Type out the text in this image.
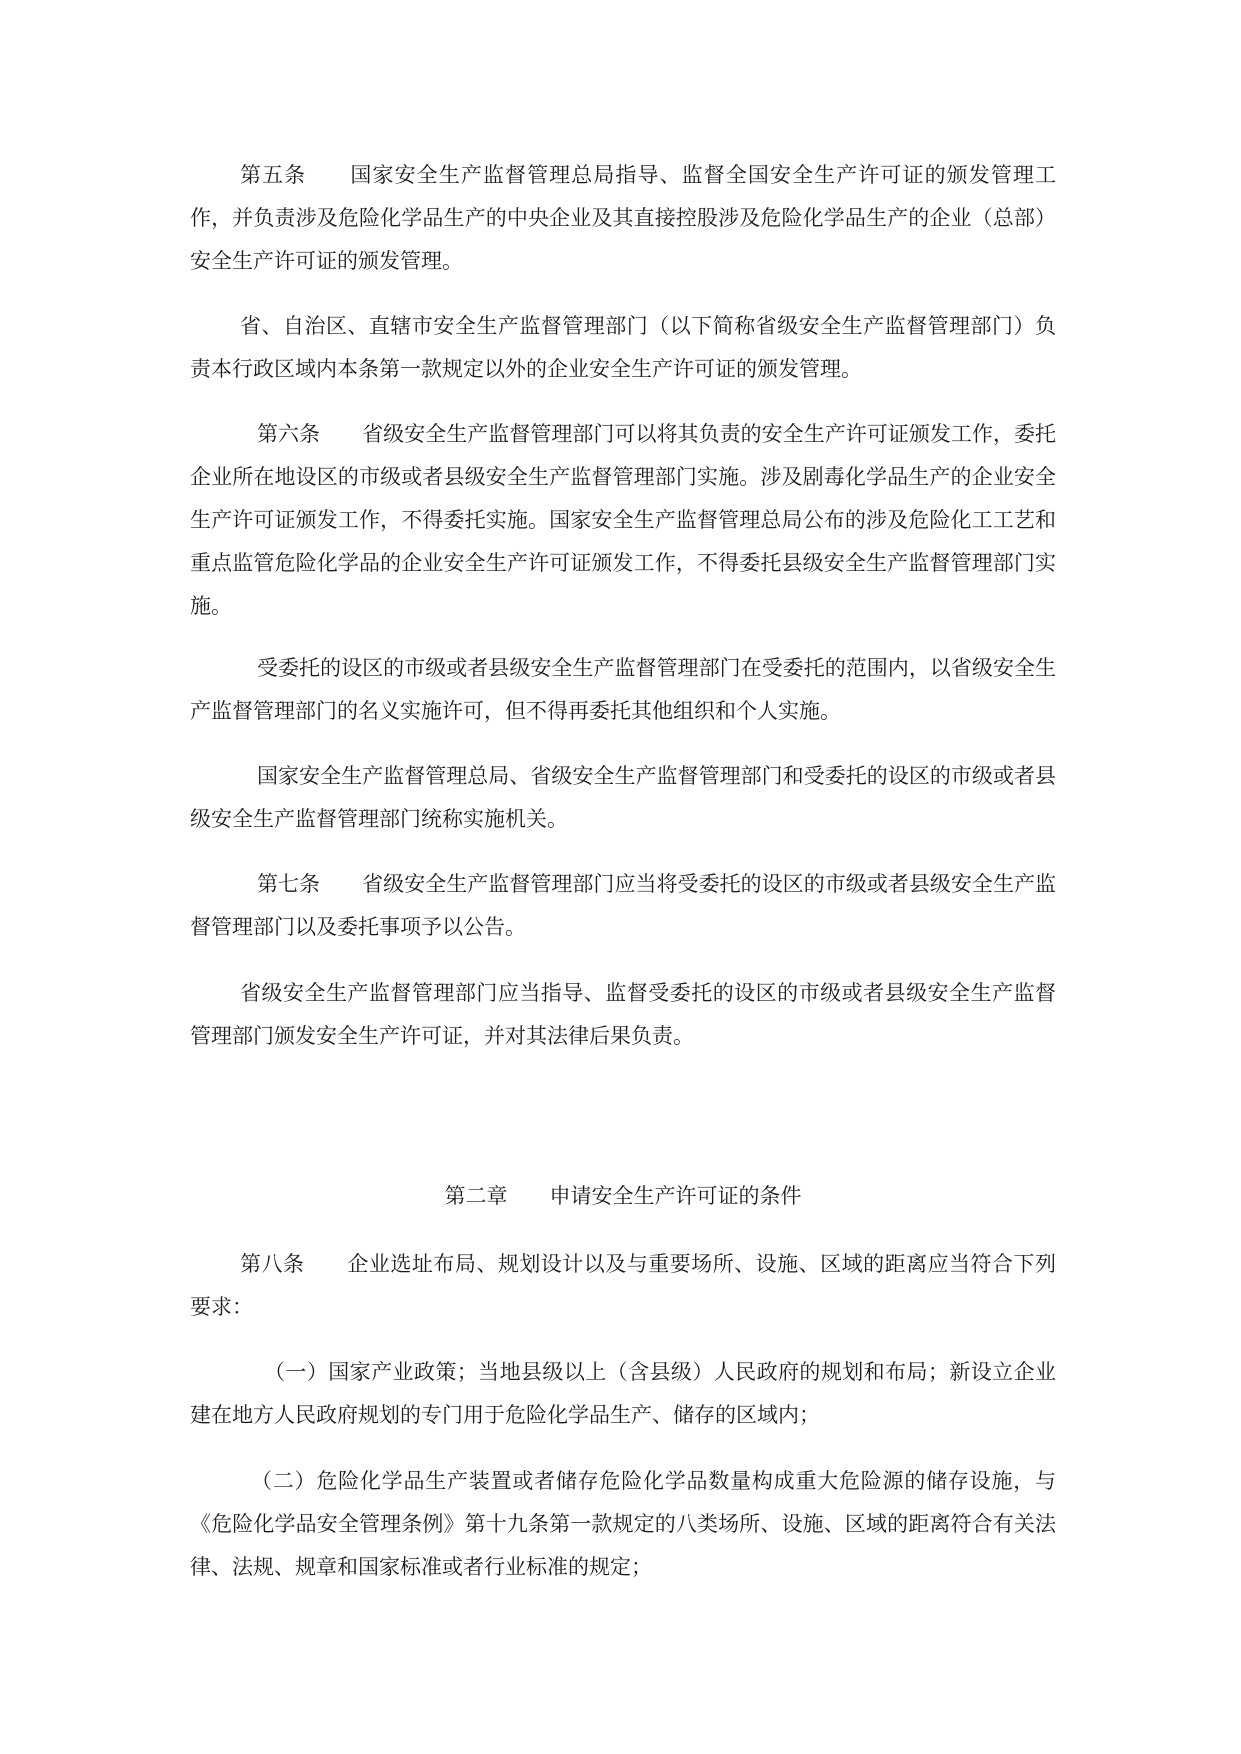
第五条　　国家安全生产监督管理总局指导、监督全国安全生产许可证的颁发管理工作，并负责涉及危险化学品生产的中央企业及其直接控股涉及危险化学品生产的企业（总部）安全生产许可证的颁发管理。

省、自治区、直辖市安全生产监督管理部门（以下简称省级安全生产监督管理部门）负责本行政区域内本条第一款规定以外的企业安全生产许可证的颁发管理。

第六条　　省级安全生产监督管理部门可以将其负责的安全生产许可证颁发工作，委托企业所在地设区的市级或者县级安全生产监督管理部门实施。涉及剧毒化学品生产的企业安全生产许可证颁发工作，不得委托实施。国家安全生产监督管理总局公布的涉及危险化工工艺和重点监管危险化学品的企业安全生产许可证颁发工作，不得委托县级安全生产监督管理部门实施。

受委托的设区的市级或者县级安全生产监督管理部门在受委托的范围内，以省级安全生产监督管理部门的名义实施许可，但不得再委托其他组织和个人实施。

国家安全生产监督管理总局、省级安全生产监督管理部门和受委托的设区的市级或者县级安全生产监督管理部门统称实施机关。

第七条　　省级安全生产监督管理部门应当将受委托的设区的市级或者县级安全生产监督管理部门以及委托事项予以公告。

省级安全生产监督管理部门应当指导、监督受委托的设区的市级或者县级安全生产监督管理部门颁发安全生产许可证，并对其法律后果负责。

第二章　　申请安全生产许可证的条件

第八条　　企业选址布局、规划设计以及与重要场所、设施、区域的距离应当符合下列要求：

（一）国家产业政策；当地县级以上（含县级）人民政府的规划和布局；新设立企业建在地方人民政府规划的专门用于危险化学品生产、储存的区域内；

（二）危险化学品生产装置或者储存危险化学品数量构成重大危险源的储存设施，与《危险化学品安全管理条例》第十九条第一款规定的八类场所、设施、区域的距离符合有关法律、法规、规章和国家标准或者行业标准的规定；
